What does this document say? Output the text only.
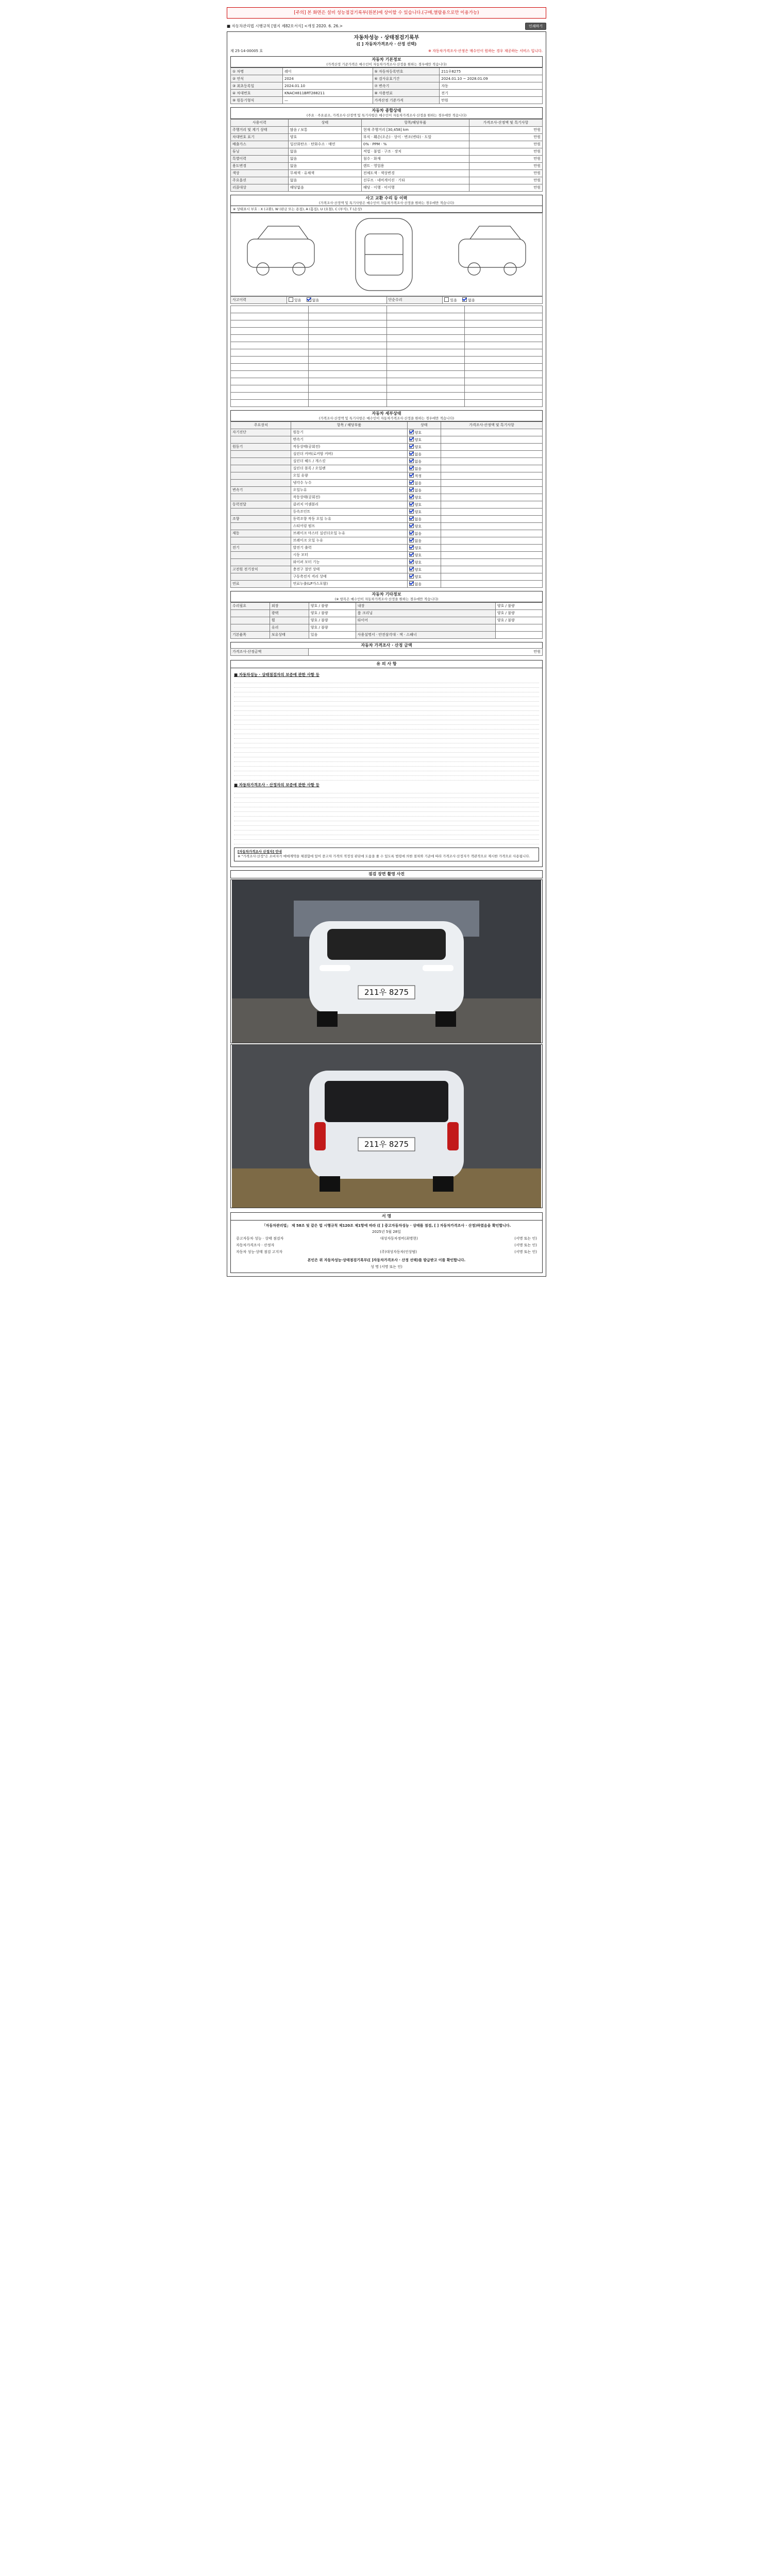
[주의] 본 화면은 설비 성능점검기록부(원본)에 상이할 수 있습니다.(구매,열람용으로만 이용가능)
■ 자동차관리법 시행규칙 [별지 제82호서식] <개정 2020. 6. 26.>	인쇄하기
자동차성능 · 상태점검기록부
([ ] 자동차가격조사 · 산정 선택)
제 25-14-00005 호	※ 자동차가격조사·산정은 매수인이 원하는 경우 제공하는 서비스 입니다.
자동차 기본정보
(가격산정 기준가격은 매수인이 자동차가격조사·산정을 원하는 경우에만 적습니다)
① 차명	레이	⑤ 자동차등록번호	211우8275
② 연식	2024	⑥ 검사유효기간	2024.01.10 ~ 2028.01.09
③ 최초등록일	2024.01.10	⑦ 변속기	자동
④ 차대번호	KNACH811BRT288211	⑧ 사용연료	전기
⑨ 원동기형식	—	가격산정 기준가격	만원
자동차 종합상태
(주요 · 주요골조, 가격조사·산정액 및 특기사항은 매수인이 자동차가격조사·산정을 원하는 경우에만 적습니다)
사용이력	상태	항목/해당부품	가격조사·산정액 및 특기사항
주행거리 및 계기 상태	많음 / 보통	현재 주행거리 [30,458] km	만원
차대번호 표기	양호	부식 · 훼손(오손) · 상이 · 변조(변타) · 도말	만원
배출가스	일산화탄소 · 탄화수소 · 매연	0% · PPM · %	만원
튜닝	없음	적법 · 불법 · 구조 · 장치	만원
특별이력	없음	침수 · 화재	만원
용도변경	없음	렌트 · 영업용	만원
색상	무채색 · 유채색	전체도색 · 색상변경	만원
주요옵션	없음	선루프 · 네비게이션 · 기타	만원
리콜대상	해당없음	해당 · 이행 · 미이행	만원
사고 교환 수리 등 이력
(가격조사·산정액 및 특기사항은 매수인이 자동차가격조사·산정을 원하는 경우에만 적습니다)
※ 상태표시 부호 : X (교환), W (판금 또는 용접), A (흠집), U (요철), C (부식), T (손상)
사고이력	있음	없음	단순수리	있음	없음

자동차 세부상태
(가격조사·산정액 및 특기사항은 매수인이 자동차가격조사·산정을 원하는 경우에만 적습니다)
주요장치	항목 / 해당부품	상태	가격조사·산정액 및 특기사항
자기진단	원동기	양호	
	변속기	양호	
원동기	작동상태(공회전)	양호	
	실린더 커버(로커암 커버)	없음	
	실린더 헤드 / 개스킷	없음	
	실린더 블록 / 오일팬	없음	
	오일 유량	적정	
	냉각수 누수	없음	
변속기	오일누유	없음	
	작동상태(공회전)	양호	
동력전달	클러치 어셈블리	양호	
	등속조인트	양호	
조향	동력조향 작동 오일 누유	없음	
	스티어링 펌프	양호	
제동	브레이크 마스터 실린더오일 누유	없음	
	브레이크 오일 누유	없음	
전기	발전기 출력	양호	
	시동 모터	양호	
	와이퍼 모터 기능	양호	
고전원 전기장치	충전구 절연 상태	양호	
	구동축전지 격리 상태	양호	
연료	연료누출(LP가스포함)	없음	
자동차 기타정보
(※ 항목은 매수인이 자동차가격조사·산정을 원하는 경우에만 적습니다)
수리필요	외장	양호 / 불량	내장	양호 / 불량
	광택	양호 / 불량	룸 크리닝	양호 / 불량
	휠	양호 / 불량	타이어	양호 / 불량
	유리	양호 / 불량		
기본품목	보유상태	있음	사용설명서 · 안전삼각대 · 잭 · 스패너	
자동차 가격조사 · 산정 금액
가격조사·산정금액	만원
유 의 사 항
■ 자동차성능 · 상태점검자의 보증에 관한 사항 등
■ 자동차가격조사 · 산정자의 보증에 관한 사항 등
[자동차가격조사 산정자] 안내
※ "가격조사·산정"은 소비자가 매매계약을 체결함에 있어 중고차 가격의 적정성 판단에 도움을 줄 수 있도록 법령에 의한 절차와 기준에 따라 가격조사·산정자가 객관적으로 제시한 가격으로 사용됩니다.
점검 장면 촬영 사진
211우 8275
211우 8275
서 명
「자동차관리법」 제 58조 및 같은 법 시행규칙 제120조 제1항에 따라 ([ ] 중고자동차성능 · 상태를 점검, [ ] 자동차가격조사 · 산정)하였음을 확인합니다.
2025년 5월 28일
중고자동차 성능 · 상태 점검자	대성자동차정비(최병현)	(서명 또는 인)
자동차가격조사 · 산정자	(서명 또는 인)
자동차 성능·상태 점검 고지자	(주)대성자동차(인상범)	(서명 또는 인)
본인은 위 자동차성능·상태점검기록부([ ]자동차가격조사 · 산정 선택)를 발급받고 이를 확인합니다.
성 명 (서명 또는 인)
